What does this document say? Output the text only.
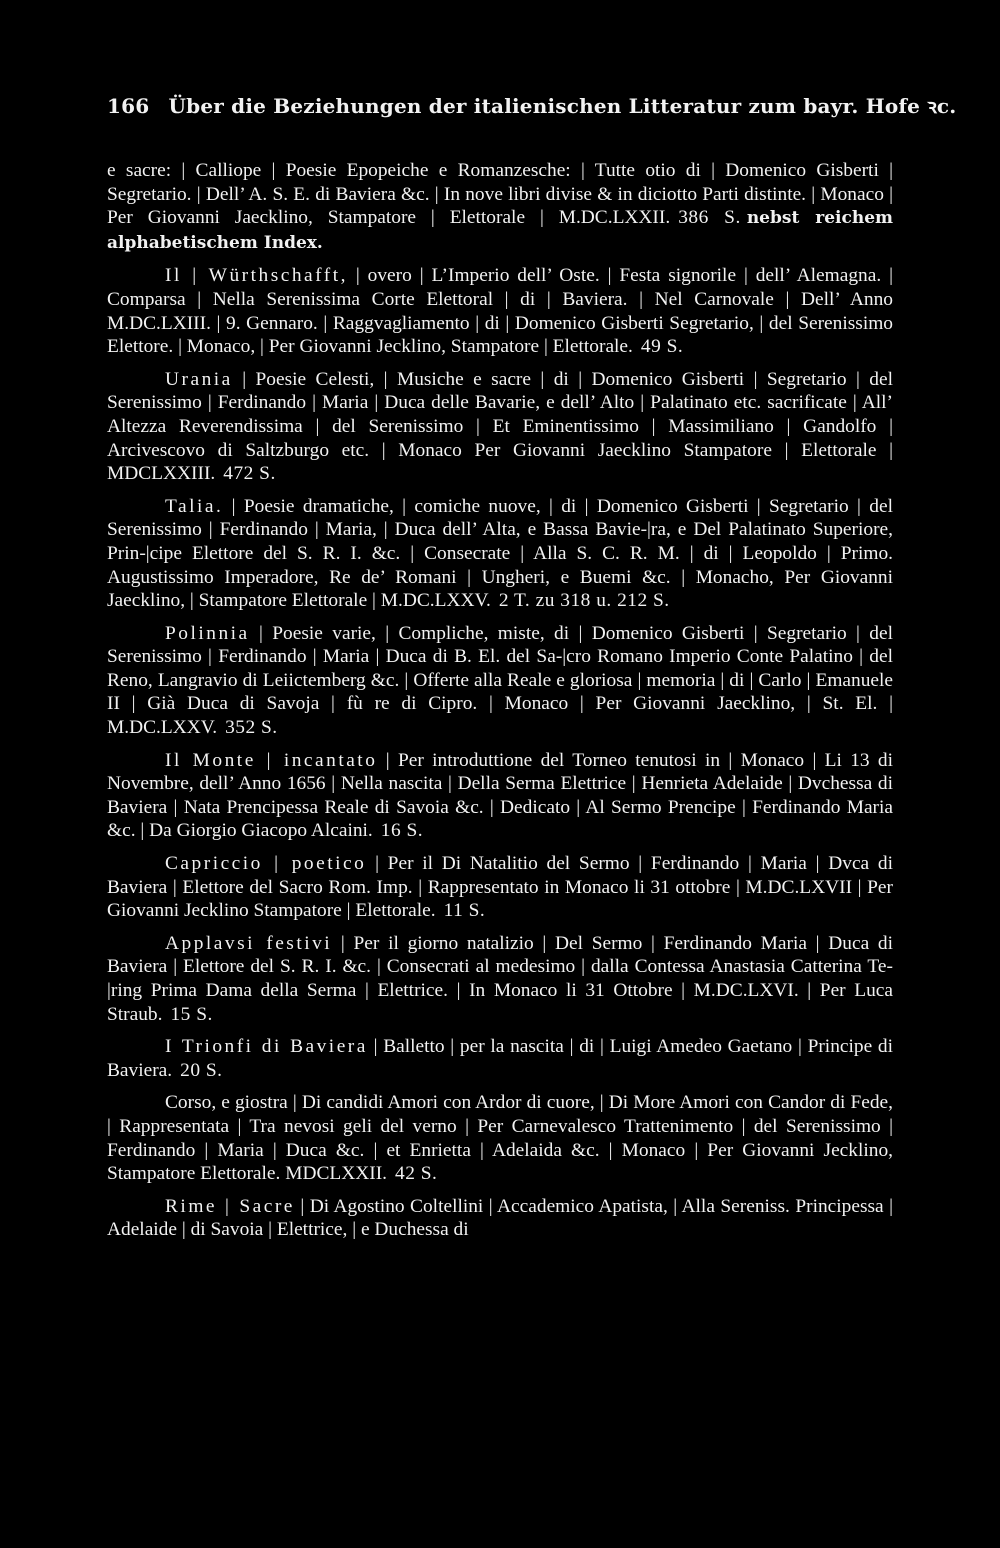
166 Über die Beziehungen der italienischen Litteratur zum bayr. Hofe ꝛc.

e sacre: | Calliope | Poesie Epopeiche e Romanzesche: | Tutte otio di | Domenico Gisberti | Segretario. | Dell’ A. S. E. di Baviera &c. | In nove libri divise & in diciotto Parti distinte. | Monaco | Per Giovanni Jaecklino, Stampatore | Elettorale | M.DC.LXXII. 386 S. nebst reichem alphabetischem Index.

Il | Würthschafft, | overo | L’Imperio dell’ Oste. | Festa signorile | dell’ Alemagna. | Comparsa | Nella Serenissima Corte Elettoral | di | Baviera. | Nel Carnovale | Dell’ Anno M.DC.LXIII. | 9. Gennaro. | Raggvagliamento | di | Domenico Gisberti Segretario, | del Serenissimo Elettore. | Monaco, | Per Giovanni Jecklino, Stampatore | Elettorale. 49 S.

Urania | Poesie Celesti, | Musiche e sacre | di | Domenico Gisberti | Segretario | del Serenissimo | Ferdinando | Maria | Duca delle Bavarie, e dell’ Alto | Palatinato etc. sacrificate | All’ Altezza Reverendissima | del Serenissimo | Et Eminentissimo | Massimiliano | Gandolfo | Arcivescovo di Saltzburgo etc. | Monaco Per Giovanni Jaecklino Stampatore | Elettorale | MDCLXXIII. 472 S.

Talia. | Poesie dramatiche, | comiche nuove, | di | Domenico Gisberti | Segretario | del Serenissimo | Ferdinando | Maria, | Duca dell’ Alta, e Bassa Bavie-|ra, e Del Palatinato Superiore, Prin-|cipe Elettore del S. R. I. &c. | Consecrate | Alla S. C. R. M. | di | Leopoldo | Primo. Augustissimo Imperadore, Re de’ Romani | Ungheri, e Buemi &c. | Monacho, Per Giovanni Jaecklino, | Stampatore Elettorale | M.DC.LXXV. 2 T. zu 318 u. 212 S.

Polinnia | Poesie varie, | Compliche, miste, di | Domenico Gisberti | Segretario | del Serenissimo | Ferdinando | Maria | Duca di B. El. del Sa-|cro Romano Imperio Conte Palatino | del Reno, Langravio di Leiictemberg &c. | Offerte alla Reale e gloriosa | memoria | di | Carlo | Emanuele II | Già Duca di Savoja | fù re di Cipro. | Monaco | Per Giovanni Jaecklino, | St. El. | M.DC.LXXV. 352 S.

Il Monte | incantato | Per introduttione del Torneo tenutosi in | Monaco | Li 13 di Novembre, dell’ Anno 1656 | Nella nascita | Della Serma Elettrice | Henrieta Adelaide | Dvchessa di Baviera | Nata Prencipessa Reale di Savoia &c. | Dedicato | Al Sermo Prencipe | Ferdinando Maria &c. | Da Giorgio Giacopo Alcaini. 16 S.

Capriccio | poetico | Per il Di Natalitio del Sermo | Ferdinando | Maria | Dvca di Baviera | Elettore del Sacro Rom. Imp. | Rappresentato in Monaco li 31 ottobre | M.DC.LXVII | Per Giovanni Jecklino Stampatore | Elettorale. 11 S.

Applavsi festivi | Per il giorno natalizio | Del Sermo | Ferdinando Maria | Duca di Baviera | Elettore del S. R. I. &c. | Consecrati al medesimo | dalla Contessa Anastasia Catterina Te-|ring Prima Dama della Serma | Elettrice. | In Monaco li 31 Ottobre | M.DC.LXVI. | Per Luca Straub. 15 S.

I Trionfi di Baviera | Balletto | per la nascita | di | Luigi Amedeo Gaetano | Principe di Baviera. 20 S.

Corso, e giostra | Di candidi Amori con Ardor di cuore, | Di More Amori con Candor di Fede, | Rappresentata | Tra nevosi geli del verno | Per Carnevalesco Trattenimento | del Serenissimo | Ferdinando | Maria | Duca &c. | et Enrietta | Adelaida &c. | Monaco | Per Giovanni Jecklino, Stampatore Elettorale. MDCLXXII. 42 S.

Rime | Sacre | Di Agostino Coltellini | Accademico Apatista, | Alla Sereniss. Principessa | Adelaide | di Savoia | Elettrice, | e Duchessa di
